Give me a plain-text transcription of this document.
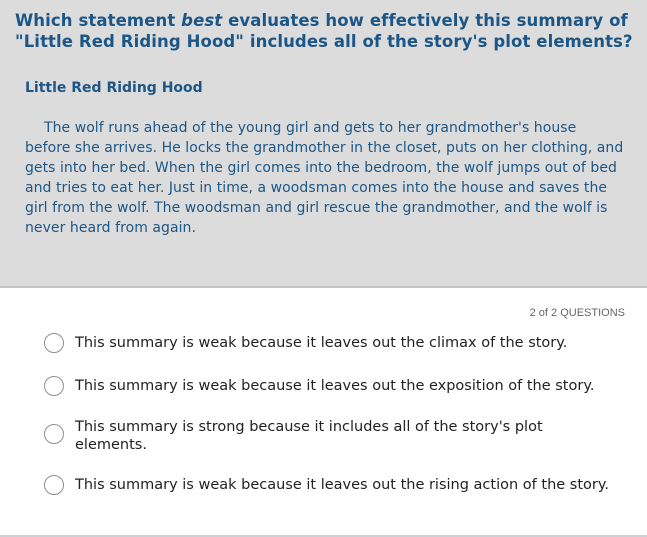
Which statement best evaluates how effectively this summary of "Little Red Riding Hood" includes all of the story's plot elements?
Little Red Riding Hood
The wolf runs ahead of the young girl and gets to her grandmother's house before she arrives. He locks the grandmother in the closet, puts on her clothing, and gets into her bed. When the girl comes into the bedroom, the wolf jumps out of bed and tries to eat her. Just in time, a woodsman comes into the house and saves the girl from the wolf. The woodsman and girl rescue the grandmother, and the wolf is never heard from again.
2 of 2 QUESTIONS
This summary is weak because it leaves out the climax of the story.
This summary is weak because it leaves out the exposition of the story.
This summary is strong because it includes all of the story's plot elements.
This summary is weak because it leaves out the rising action of the story.
